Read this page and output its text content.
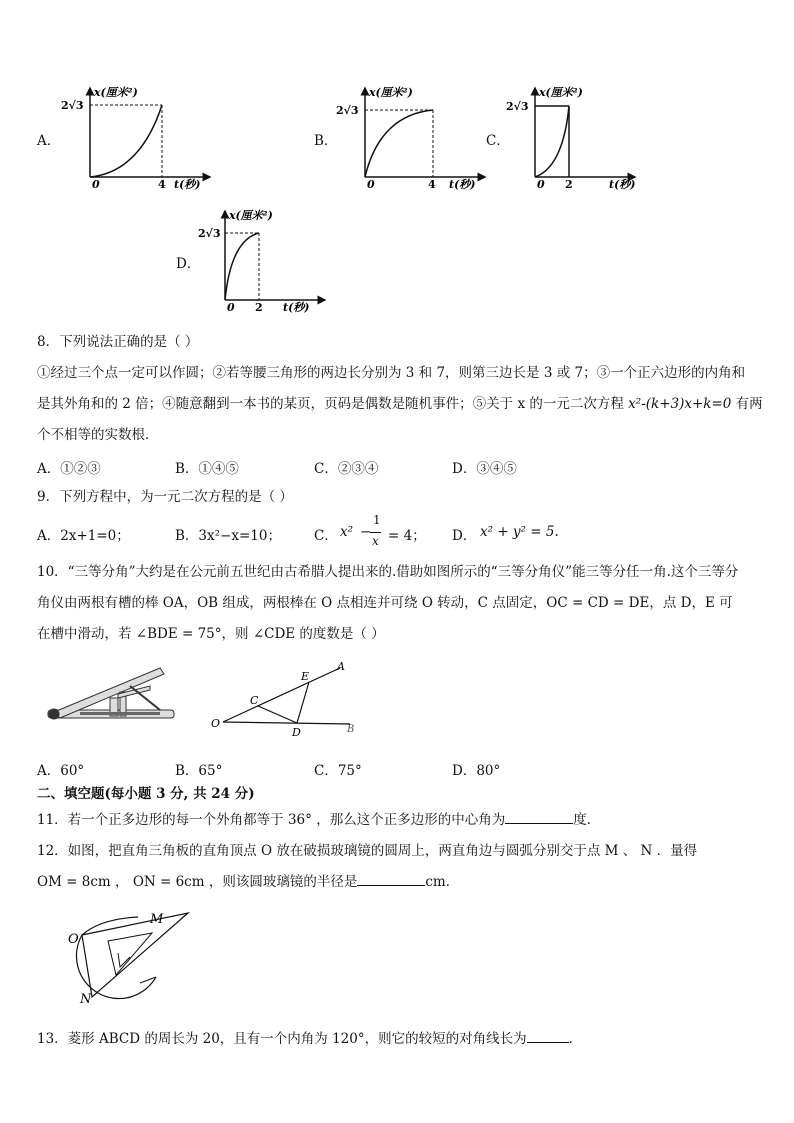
A．
x(厘米²)
2√3
0	4 t(秒)
B．
x(厘米²)
2√3
0	4 t(秒)
C．
x(厘米²)
2√3
0 2	t(秒)
D．
x(厘米²)
2√3
0 2 t(秒)
8．下列说法正确的是（ ）
①经过三个点一定可以作圆；②若等腰三角形的两边长分别为 3 和 7，则第三边长是 3 或 7；③一个正六边形的内角和
是其外角和的 2 倍；④随意翻到一本书的某页，页码是偶数是随机事件；⑤关于 x 的一元二次方程 x²-(k+3)x+k=0 有两
个不相等的实数根．
A．①②③	B．①④⑤	C．②③④	D．③④⑤
9．下列方程中，为一元二次方程的是（ ）
A．2x+1=0；	B．3x²−x=10； C． x² −
1
x = 4； D． x² + y² = 5.
10．“三等分角”大约是在公元前五世纪由古希腊人提出来的.借助如图所示的“三等分角仪”能三等分任一角.这个三等分
角仪由两根有槽的棒 OA，OB 组成，两根棒在 O 点相连并可绕 O 转动，C 点固定，OC = CD = DE，点 D，E 可
在槽中滑动，若 ∠BDE = 75°，则 ∠CDE 的度数是（ ）
O
C
E
A
D	B
A．60°	B．65°	C．75°	D．80°
二、填空题(每小题 3 分, 共 24 分)
11．若一个正多边形的每一个外角都等于 36° ，那么这个正多边形的中心角为	度．
12．如图，把直角三角板的直角顶点 O 放在破损玻璃镜的圆周上，两直角边与圆弧分别交于点 M 、 N ．量得
OM = 8cm ， ON = 6cm ，则该圆玻璃镜的半径是	cm．
O
M
N
13．菱形 ABCD 的周长为 20，且有一个内角为 120°，则它的较短的对角线长为	．
